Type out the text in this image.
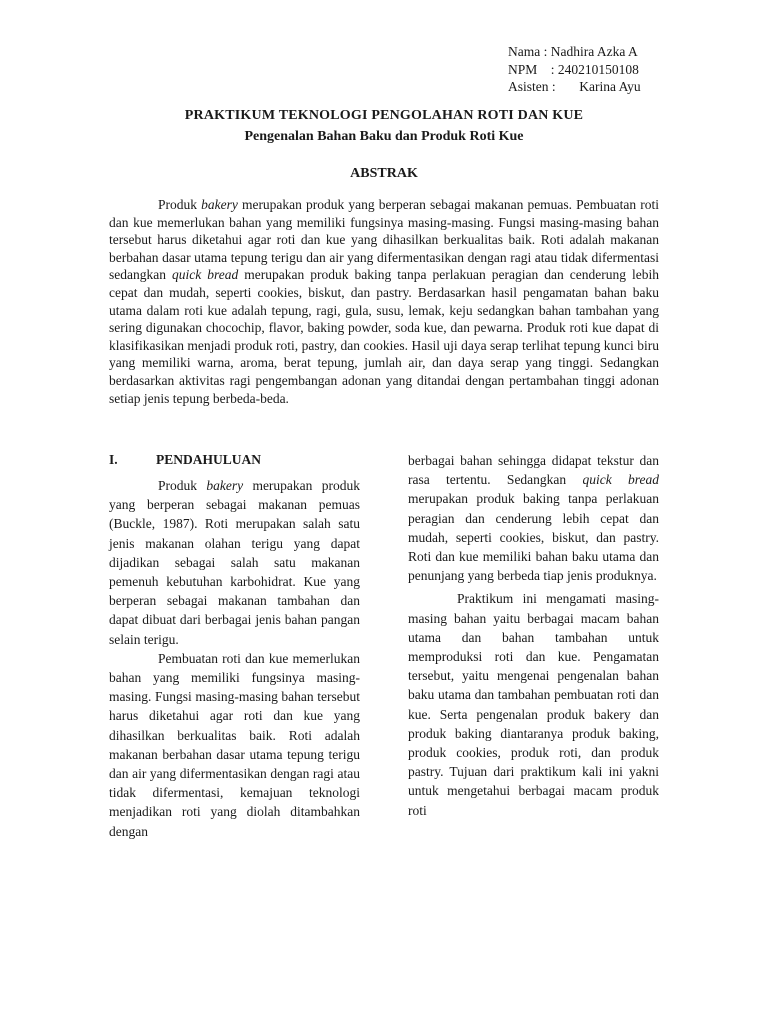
Nama : Nadhira Azka A
NPM    : 240210150108
Asisten :       Karina Ayu
PRAKTIKUM TEKNOLOGI PENGOLAHAN ROTI DAN KUE
Pengenalan Bahan Baku dan Produk Roti Kue
ABSTRAK

Produk bakery merupakan produk yang berperan sebagai makanan pemuas. Pembuatan roti dan kue memerlukan bahan yang memiliki fungsinya masing-masing. Fungsi masing-masing bahan tersebut harus diketahui agar roti dan kue yang dihasilkan berkualitas baik. Roti adalah makanan berbahan dasar utama tepung terigu dan air yang difermentasikan dengan ragi atau tidak difermentasi sedangkan quick bread merupakan produk baking tanpa perlakuan peragian dan cenderung lebih cepat dan mudah, seperti cookies, biskut, dan pastry. Berdasarkan hasil pengamatan bahan baku utama dalam roti kue adalah tepung, ragi, gula, susu, lemak, keju sedangkan bahan tambahan yang sering digunakan chocochip, flavor, baking powder, soda kue, dan pewarna. Produk roti kue dapat di klasifikasikan menjadi produk roti, pastry, dan cookies. Hasil uji daya serap terlihat tepung kunci biru yang memiliki warna, aroma, berat tepung, jumlah air, dan daya serap yang tinggi. Sedangkan berdasarkan aktivitas ragi pengembangan adonan yang ditandai dengan pertambahan tinggi adonan setiap jenis tepung berbeda-beda.

I.	PENDAHULUAN

Produk bakery merupakan produk yang berperan sebagai makanan pemuas (Buckle, 1987). Roti merupakan salah satu jenis makanan olahan terigu yang dapat dijadikan sebagai salah satu makanan pemenuh kebutuhan karbohidrat. Kue yang berperan sebagai makanan tambahan dan dapat dibuat dari berbagai jenis bahan pangan selain terigu.

Pembuatan roti dan kue memerlukan bahan yang memiliki fungsinya masing-masing. Fungsi masing-masing bahan tersebut harus diketahui agar roti dan kue yang dihasilkan berkualitas baik. Roti adalah makanan berbahan dasar utama tepung terigu dan air yang difermentasikan dengan ragi atau tidak difermentasi, kemajuan teknologi menjadikan roti yang diolah ditambahkan dengan

berbagai bahan sehingga didapat tekstur dan rasa tertentu. Sedangkan quick bread merupakan produk baking tanpa perlakuan peragian dan cenderung lebih cepat dan mudah, seperti cookies, biskut, dan pastry. Roti dan kue memiliki bahan baku utama dan penunjang yang berbeda tiap jenis produknya.

Praktikum ini mengamati masing-masing bahan yaitu berbagai macam bahan utama dan bahan tambahan untuk memproduksi roti dan kue. Pengamatan tersebut, yaitu mengenai pengenalan bahan baku utama dan tambahan pembuatan roti dan kue. Serta pengenalan produk bakery dan produk baking diantaranya produk baking, produk cookies, produk roti, dan produk pastry. Tujuan dari praktikum kali ini yakni untuk mengetahui berbagai macam produk roti
